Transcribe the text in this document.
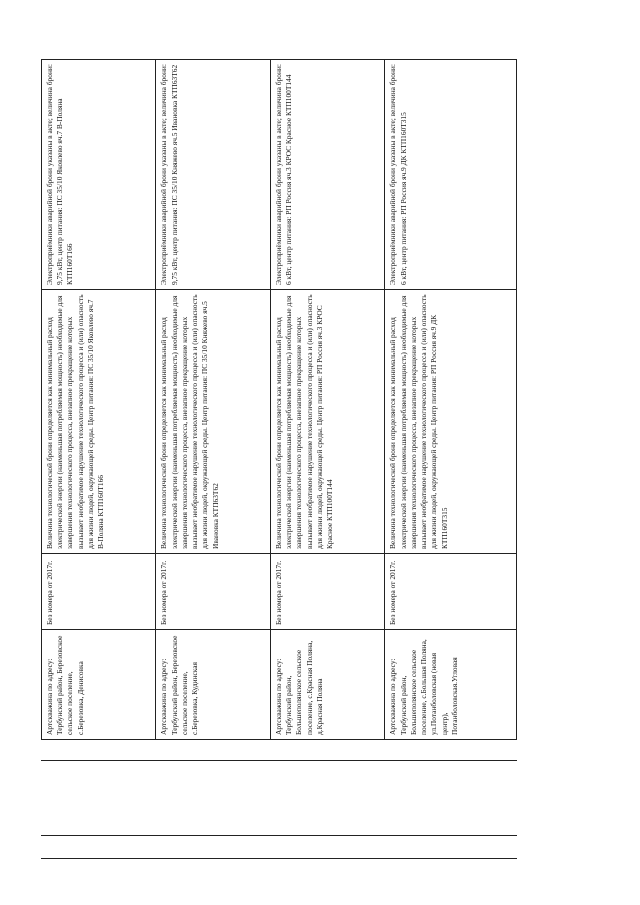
Артскважина по адресу: Тербунский район, Березовское сельское поселение, с.Березовка, Денисовка	Без номера от 2017г.	Величина технологической брони определяется как минимальный расход электрической энергии (наименьшая потребляемая мощность) необходимые для завершения технологического процесса, внезапное прекращение которых вызывает необратимое нарушение технологического процесса и (или) опасность для жизни людей, окружающей среды. Центр питания: ПС 35/10 Яковлево яч.7 В-Поляна КТП160Т166	Электроприёмники аварийной брони указаны в акте; величина брони: 9,75 кВт, центр питания: ПС 35/10 Яковлево яч.7 В-Поляна КТП160Т166
Артскважина по адресу: Тербунский район, Березовское сельское поселение, с.Березовка, Кудинская	Без номера от 2017г.	Величина технологической брони определяется как минимальный расход электрической энергии (наименьшая потребляемая мощность) необходимые для завершения технологического процесса, внезапное прекращение которых вызывает необратимое нарушение технологического процесса и (или) опасность для жизни людей, окружающей среды. Центр питания: ПС 35/10 Княжево яч.5 Ивановка КТП63Т62	Электроприёмники аварийной брони указаны в акте; величина брони: 9,75 кВт, центр питания: ПС 35/10 Княжево яч.5 Ивановка КТП63Т62
Артскважина по адресу: Тербунский район, Большеполянское сельское поселение, с.Красная Поляна, д.Красная Поляна	Без номера от 2017г.	Величина технологической брони определяется как минимальный расход электрической энергии (наименьшая потребляемая мощность) необходимые для завершения технологического процесса, внезапное прекращение которых вызывает необратимое нарушение технологического процесса и (или) опасность для жизни людей, окружающей среды. Центр питания: РП Россия яч.3 КРОС Красное КТП100Т144	Электроприёмники аварийной брони указаны в акте; величина брони: 6 кВт, центр питания: РП Россия яч.3 КРОС Красное КТП100Т144
Артскважина по адресу: Тербунский район, Большеполянское сельское поселение, с.Большая Поляна, ул.Потанболовская (новая центр), Потанболовская.Угловая	Без номера от 2017г.	Величина технологической брони определяется как минимальный расход электрической энергии (наименьшая потребляемая мощность) необходимые для завершения технологического процесса, внезапное прекращение которых вызывает необратимое нарушение технологического процесса и (или) опасность для жизни людей, окружающей среды. Центр питания: РП Россия яч.9 ДК КТП160Т315	Электроприёмники аварийной брони указаны в акте; величина брони: 6 кВт, центр питания: РП Россия яч.9 ДК КТП160Т315
